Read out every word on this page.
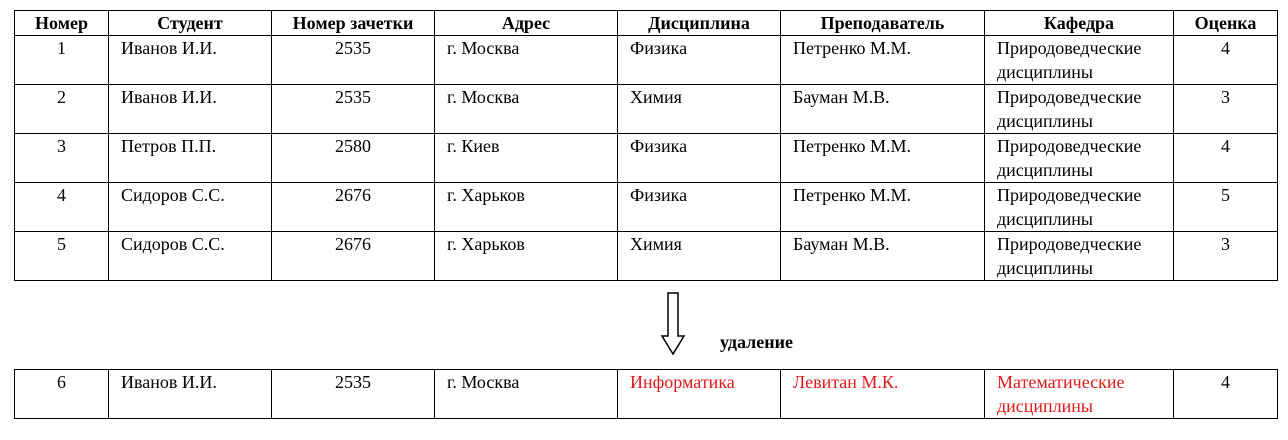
Номер	Студент	Номер зачетки	Адрес	Дисциплина	Преподаватель	Кафедра	Оценка
1	Иванов И.И.	2535	г. Москва	Физика	Петренко М.М.	Природоведческие дисциплины	4
2	Иванов И.И.	2535	г. Москва	Химия	Бауман М.В.	Природоведческие дисциплины	3
3	Петров П.П.	2580	г. Киев	Физика	Петренко М.М.	Природоведческие дисциплины	4
4	Сидоров С.С.	2676	г. Харьков	Физика	Петренко М.М.	Природоведческие дисциплины	5
5	Сидоров С.С.	2676	г. Харьков	Химия	Бауман М.В.	Природоведческие дисциплины	3
удаление
6	Иванов И.И.	2535	г. Москва	Информатика	Левитан М.К.	Математические дисциплины	4
